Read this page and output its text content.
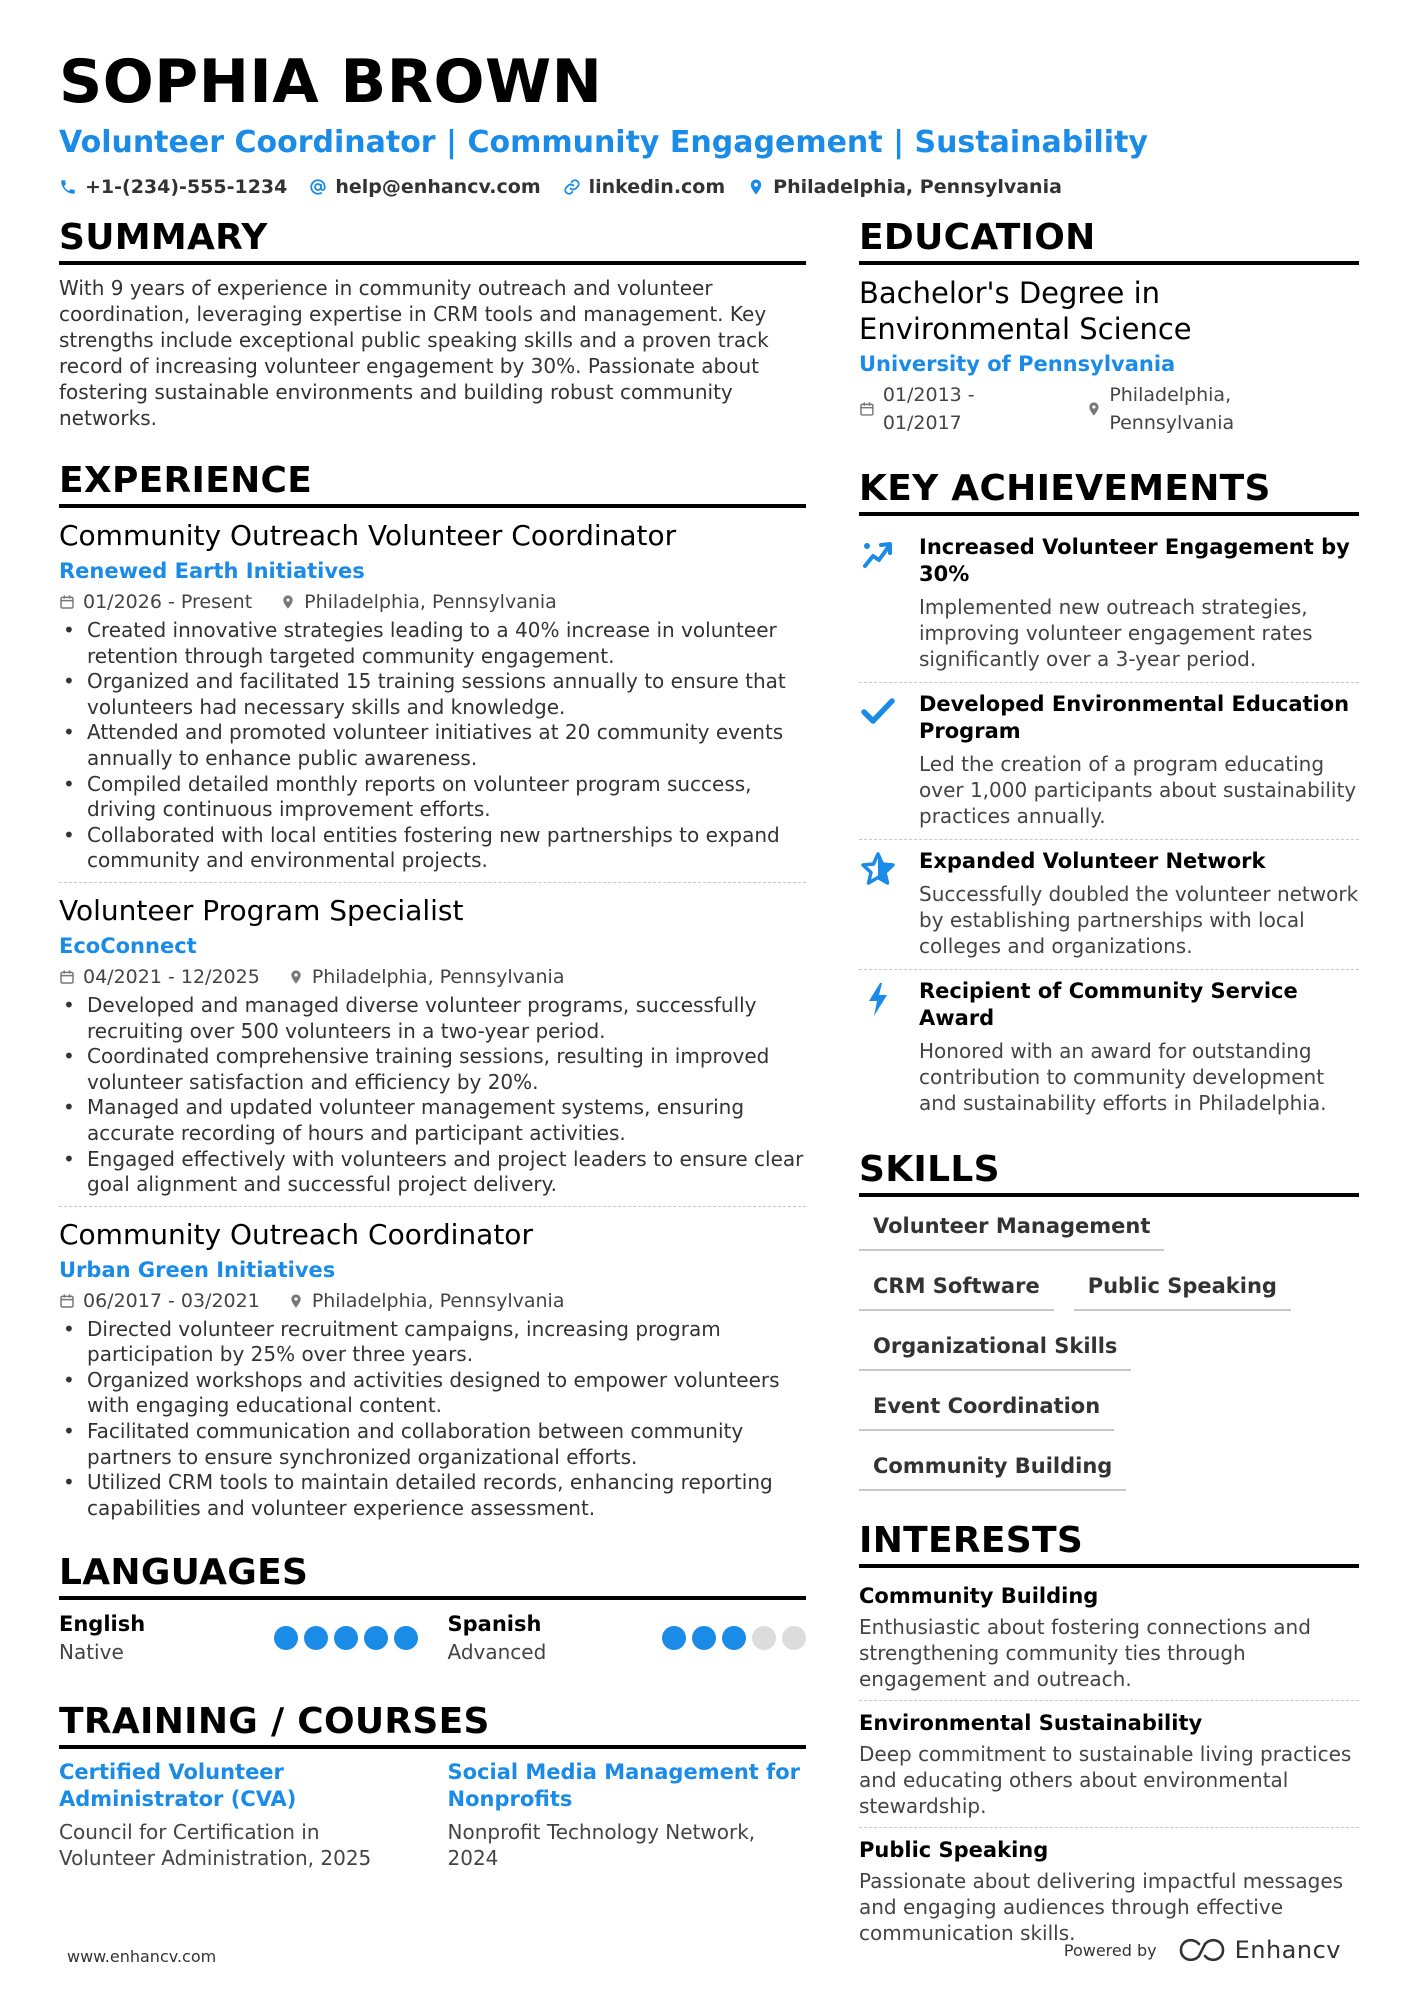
SOPHIA BROWN
Volunteer Coordinator | Community Engagement | Sustainability
+1-(234)-555-1234	help@enhancv.com	linkedin.com	Philadelphia, Pennsylvania
SUMMARY

With 9 years of experience in community outreach and volunteer coordination, leveraging expertise in CRM tools and management. Key strengths include exceptional public speaking skills and a proven track record of increasing volunteer engagement by 30%. Passionate about fostering sustainable environments and building robust community networks.

EXPERIENCE
Community Outreach Volunteer Coordinator
Renewed Earth Initiatives
01/2026 - Present	Philadelphia, Pennsylvania
• Created innovative strategies leading to a 40% increase in volunteer retention through targeted community engagement.
• Organized and facilitated 15 training sessions annually to ensure that volunteers had necessary skills and knowledge.
• Attended and promoted volunteer initiatives at 20 community events annually to enhance public awareness.
• Compiled detailed monthly reports on volunteer program success, driving continuous improvement efforts.
• Collaborated with local entities fostering new partnerships to expand community and environmental projects.
Volunteer Program Specialist
EcoConnect
04/2021 - 12/2025	Philadelphia, Pennsylvania
• Developed and managed diverse volunteer programs, successfully recruiting over 500 volunteers in a two-year period.
• Coordinated comprehensive training sessions, resulting in improved volunteer satisfaction and efficiency by 20%.
• Managed and updated volunteer management systems, ensuring accurate recording of hours and participant activities.
• Engaged effectively with volunteers and project leaders to ensure clear goal alignment and successful project delivery.
Community Outreach Coordinator
Urban Green Initiatives
06/2017 - 03/2021	Philadelphia, Pennsylvania
• Directed volunteer recruitment campaigns, increasing program participation by 25% over three years.
• Organized workshops and activities designed to empower volunteers with engaging educational content.
• Facilitated communication and collaboration between community partners to ensure synchronized organizational efforts.
• Utilized CRM tools to maintain detailed records, enhancing reporting capabilities and volunteer experience assessment.
LANGUAGES
English
Native
Spanish
Advanced
TRAINING / COURSES
Certified Volunteer Administrator (CVA)
Council for Certification in Volunteer Administration, 2025
Social Media Management for Nonprofits
Nonprofit Technology Network, 2024
EDUCATION
Bachelor's Degree in Environmental Science
University of Pennsylvania
01/2013 - 01/2017
Philadelphia, Pennsylvania
KEY ACHIEVEMENTS
Increased Volunteer Engagement by 30%
Implemented new outreach strategies, improving volunteer engagement rates significantly over a 3-year period.
Developed Environmental Education Program
Led the creation of a program educating over 1,000 participants about sustainability practices annually.
Expanded Volunteer Network
Successfully doubled the volunteer network by establishing partnerships with local colleges and organizations.
Recipient of Community Service Award
Honored with an award for outstanding contribution to community development and sustainability efforts in Philadelphia.
SKILLS
Volunteer Management
CRM Software	Public Speaking
Organizational Skills
Event Coordination
Community Building
INTERESTS
Community Building
Enthusiastic about fostering connections and strengthening community ties through engagement and outreach.
Environmental Sustainability
Deep commitment to sustainable living practices and educating others about environmental stewardship.
Public Speaking
Passionate about delivering impactful messages and engaging audiences through effective communication skills.
www.enhancv.com	Powered by	Enhancv
